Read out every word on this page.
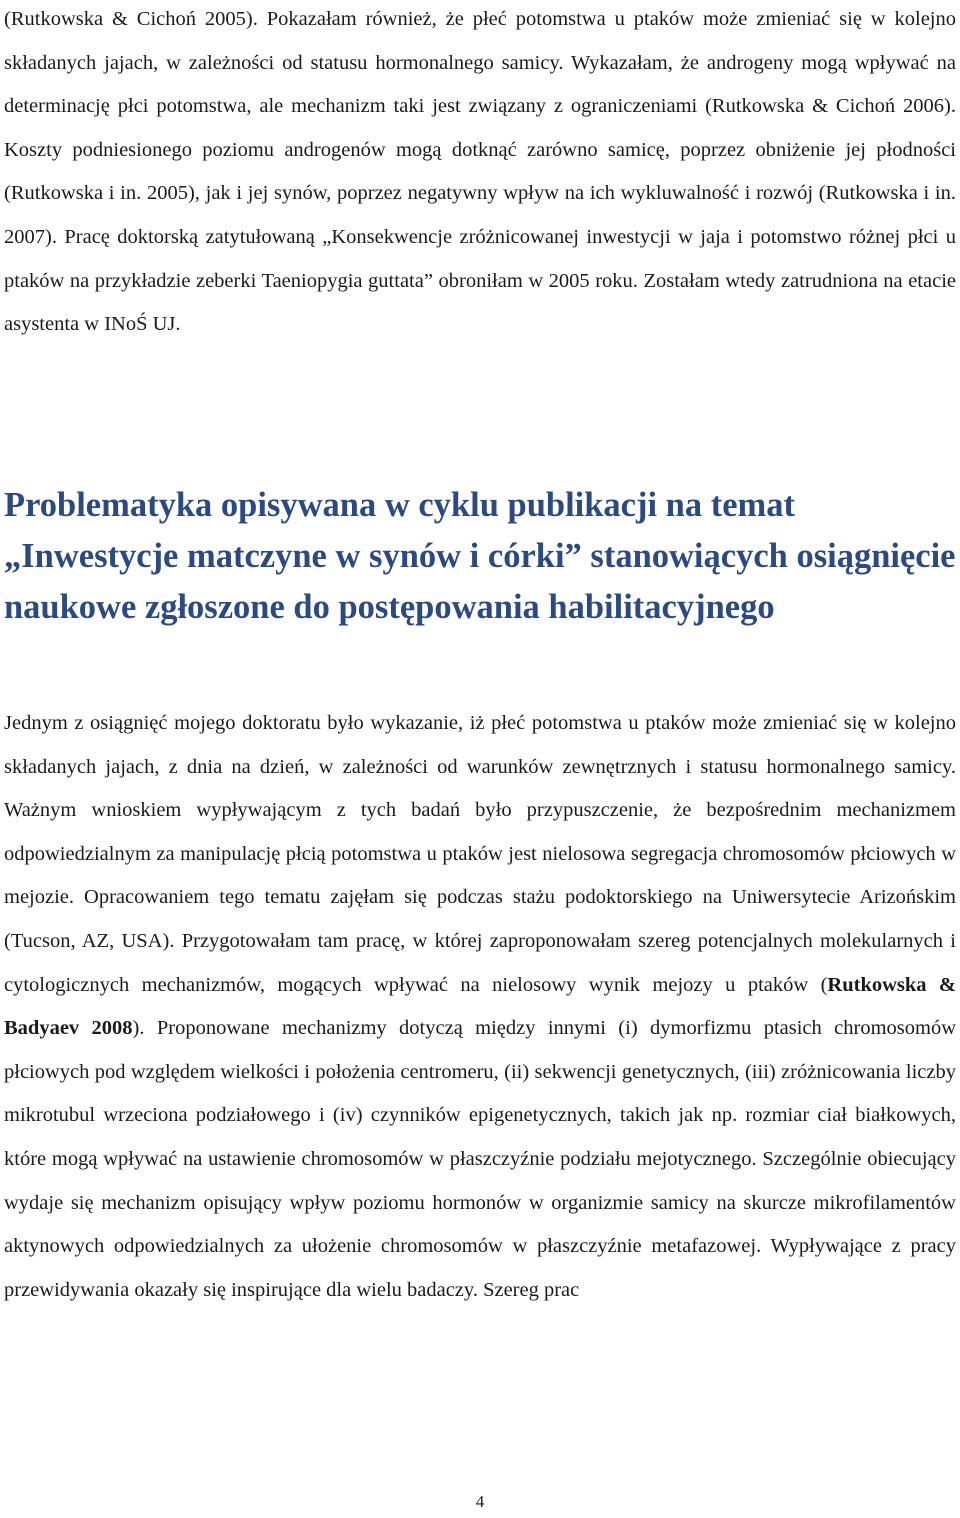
(Rutkowska & Cichoń 2005). Pokazałam również, że płeć potomstwa u ptaków może zmieniać się w kolejno składanych jajach, w zależności od statusu hormonalnego samicy. Wykazałam, że androgeny mogą wpływać na determinację płci potomstwa, ale mechanizm taki jest związany z ograniczeniami (Rutkowska & Cichoń 2006). Koszty podniesionego poziomu androgenów mogą dotknąć zarówno samicę, poprzez obniżenie jej płodności (Rutkowska i in. 2005), jak i jej synów, poprzez negatywny wpływ na ich wykluwalność i rozwój (Rutkowska i in. 2007). Pracę doktorską zatytułowaną „Konsekwencje zróżnicowanej inwestycji w jaja i potomstwo różnej płci u ptaków na przykładzie zeberki Taeniopygia guttata” obroniłam w 2005 roku. Zostałam wtedy zatrudniona na etacie asystenta w INoŚ UJ.

Problematyka opisywana w cyklu publikacji na temat „Inwestycje matczyne w synów i córki” stanowiących osiągnięcie naukowe zgłoszone do postępowania habilitacyjnego

Jednym z osiągnięć mojego doktoratu było wykazanie, iż płeć potomstwa u ptaków może zmieniać się w kolejno składanych jajach, z dnia na dzień, w zależności od warunków zewnętrznych i statusu hormonalnego samicy. Ważnym wnioskiem wypływającym z tych badań było przypuszczenie, że bezpośrednim mechanizmem odpowiedzialnym za manipulację płcią potomstwa u ptaków jest nielosowa segregacja chromosomów płciowych w mejozie. Opracowaniem tego tematu zajęłam się podczas stażu podoktorskiego na Uniwersytecie Arizońskim (Tucson, AZ, USA). Przygotowałam tam pracę, w której zaproponowałam szereg potencjalnych molekularnych i cytologicznych mechanizmów, mogących wpływać na nielosowy wynik mejozy u ptaków (Rutkowska & Badyaev 2008). Proponowane mechanizmy dotyczą między innymi (i) dymorfizmu ptasich chromosomów płciowych pod względem wielkości i położenia centromeru, (ii) sekwencji genetycznych, (iii) zróżnicowania liczby mikrotubul wrzeciona podziałowego i (iv) czynników epigenetycznych, takich jak np. rozmiar ciał białkowych, które mogą wpływać na ustawienie chromosomów w płaszczyźnie podziału mejotycznego. Szczególnie obiecujący wydaje się mechanizm opisujący wpływ poziomu hormonów w organizmie samicy na skurcze mikrofilamentów aktynowych odpowiedzialnych za ułożenie chromosomów w płaszczyźnie metafazowej. Wypływające z pracy przewidywania okazały się inspirujące dla wielu badaczy. Szereg prac

4
